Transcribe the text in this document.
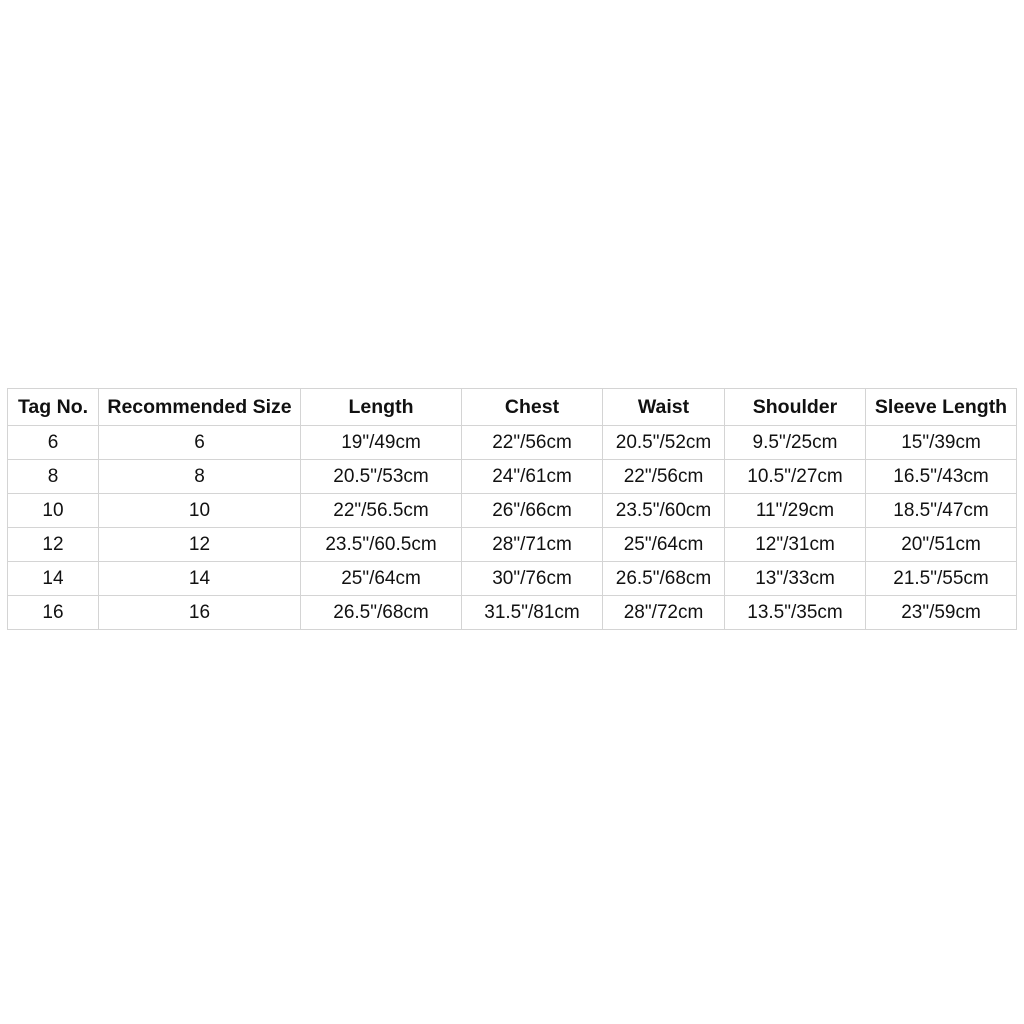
Tag No.	Recommended Size	Length	Chest	Waist	Shoulder	Sleeve Length
6	6	19"/49cm	22"/56cm	20.5"/52cm	9.5"/25cm	15"/39cm
8	8	20.5"/53cm	24"/61cm	22"/56cm	10.5"/27cm	16.5"/43cm
10	10	22"/56.5cm	26"/66cm	23.5"/60cm	11"/29cm	18.5"/47cm
12	12	23.5"/60.5cm	28"/71cm	25"/64cm	12"/31cm	20"/51cm
14	14	25"/64cm	30"/76cm	26.5"/68cm	13"/33cm	21.5"/55cm
16	16	26.5"/68cm	31.5"/81cm	28"/72cm	13.5"/35cm	23"/59cm
